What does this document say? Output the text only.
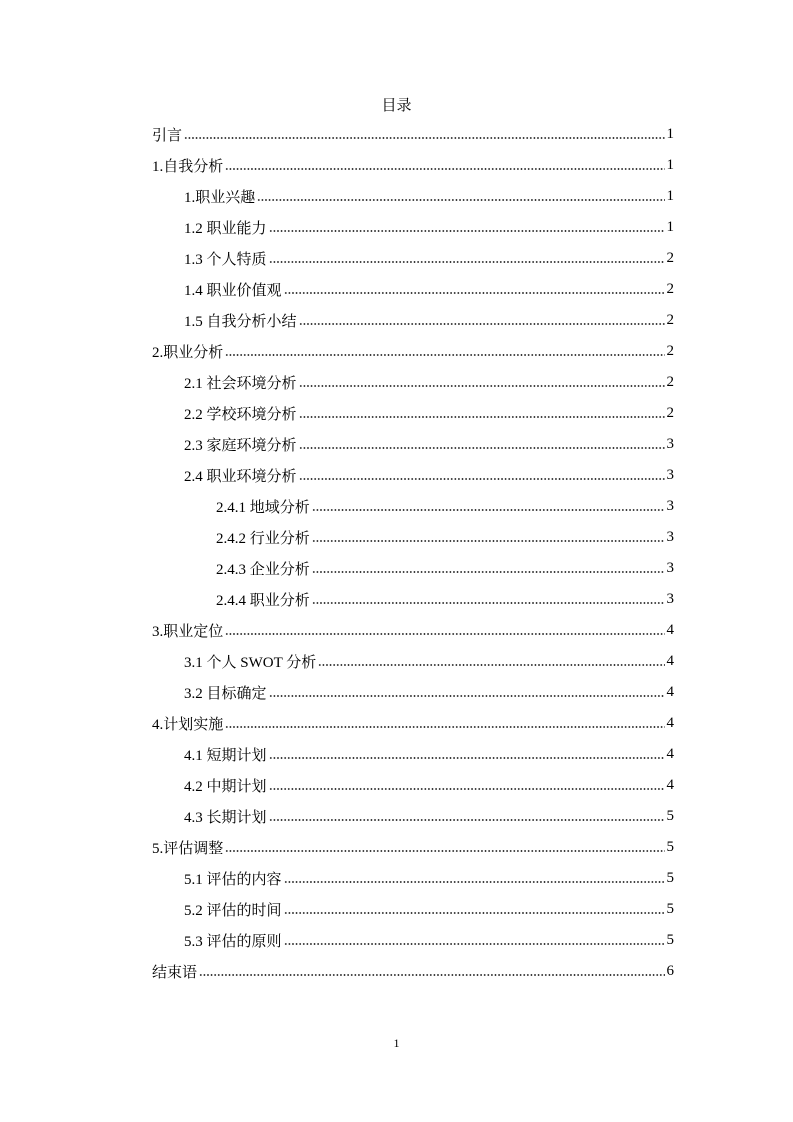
目录
引言	1
1.自我分析	1
1.职业兴趣	1
1.2 职业能力	1
1.3 个人特质	2
1.4 职业价值观	2
1.5 自我分析小结	2
2.职业分析	2
2.1 社会环境分析	2
2.2 学校环境分析	2
2.3 家庭环境分析	3
2.4 职业环境分析	3
2.4.1 地域分析	3
2.4.2 行业分析	3
2.4.3 企业分析	3
2.4.4 职业分析	3
3.职业定位	4
3.1 个人 SWOT 分析	4
3.2 目标确定	4
4.计划实施	4
4.1 短期计划	4
4.2 中期计划	4
4.3 长期计划	5
5.评估调整	5
5.1 评估的内容	5
5.2 评估的时间	5
5.3 评估的原则	5
结束语	6
1
